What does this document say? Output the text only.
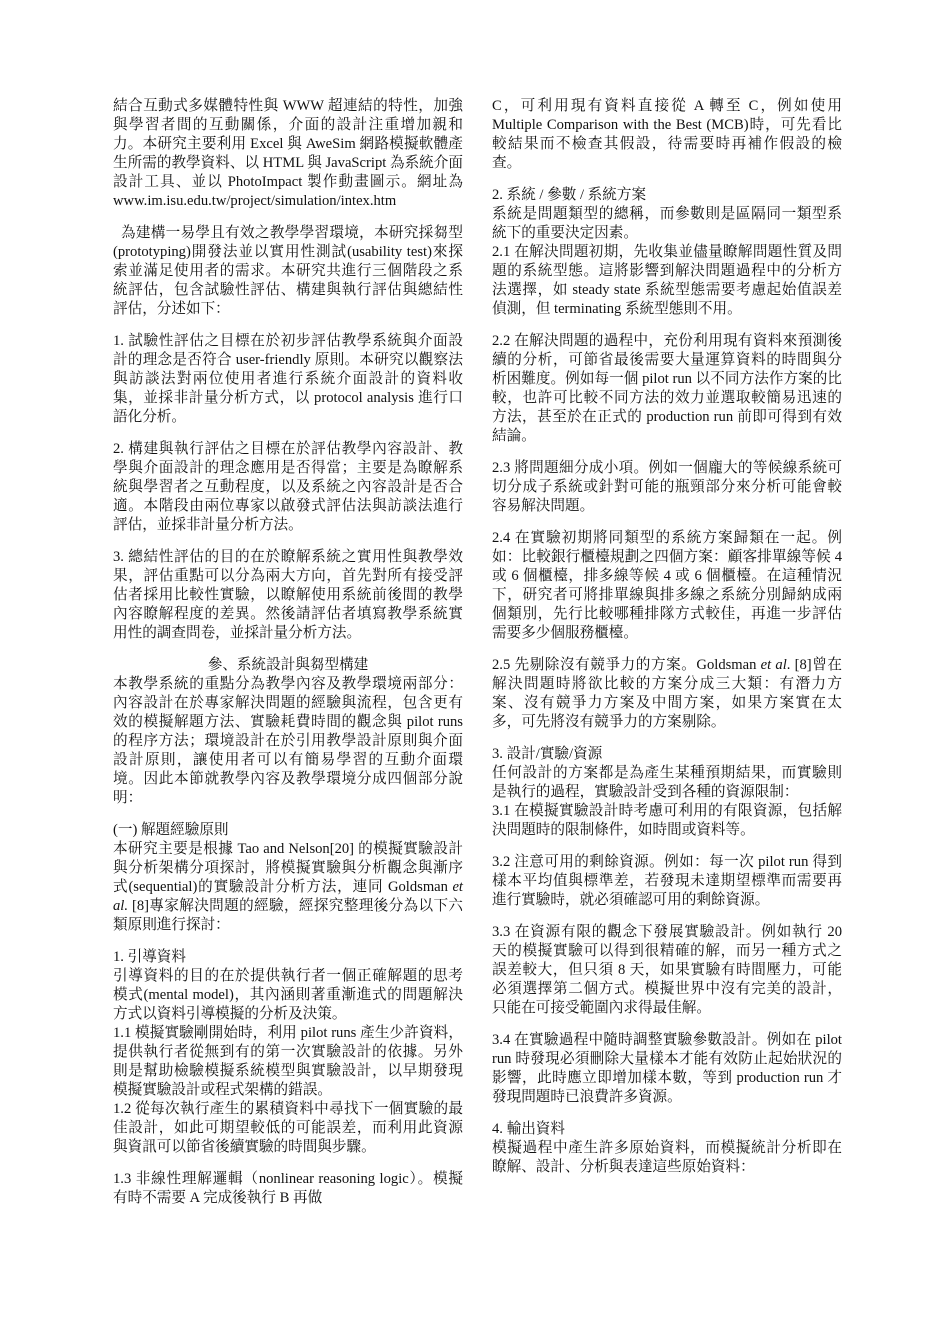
結合互動式多媒體特性與 WWW 超連結的特性，加強與學習者間的互動關係，介面的設計注重增加親和力。本研究主要利用 Excel 與 AweSim 網路模擬軟體產生所需的教學資料、以 HTML 與 JavaScript 為系統介面設計工具、並以 PhotoImpact 製作動畫圖示。網址為 www.im.isu.edu.tw/project/simulation/intex.htm

為建構一易學且有效之教學學習環境，本研究採芻型(prototyping)開發法並以實用性測試(usability test)來探索並滿足使用者的需求。本研究共進行三個階段之系統評估，包含試驗性評估、構建與執行評估與總結性評估，分述如下：

1. 試驗性評估之目標在於初步評估教學系統與介面設計的理念是否符合 user-friendly 原則。本研究以觀察法與訪談法對兩位使用者進行系統介面設計的資料收集，並採非計量分析方式，以 protocol analysis 進行口語化分析。

2. 構建與執行評估之目標在於評估教學內容設計、教學與介面設計的理念應用是否得當；主要是為瞭解系統與學習者之互動程度，以及系統之內容設計是否合適。本階段由兩位專家以啟發式評估法與訪談法進行評估，並採非計量分析方法。

3. 總結性評估的目的在於瞭解系統之實用性與教學效果，評估重點可以分為兩大方向，首先對所有接受評估者採用比較性實驗，以瞭解使用系統前後間的教學內容瞭解程度的差異。然後請評估者填寫教學系統實用性的調查問卷，並採計量分析方法。

參、系統設計與芻型構建

本教學系統的重點分為教學內容及教學環境兩部分：內容設計在於專家解決問題的經驗與流程，包含更有效的模擬解題方法、實驗耗費時間的觀念與 pilot runs 的程序方法；環境設計在於引用教學設計原則與介面設計原則，讓使用者可以有簡易學習的互動介面環境。因此本節就教學內容及教學環境分成四個部分說明：

(一) 解題經驗原則

本研究主要是根據 Tao and Nelson[20] 的模擬實驗設計與分析架構分項探討，將模擬實驗與分析觀念與漸序式(sequential)的實驗設計分析方法，連同 Goldsman et al. [8]專家解決問題的經驗，經探究整理後分為以下六類原則進行探討：

1. 引導資料

引導資料的目的在於提供執行者一個正確解題的思考模式(mental model)，其內涵則著重漸進式的問題解決方式以資料引導模擬的分析及決策。

1.1 模擬實驗剛開始時，利用 pilot runs 產生少許資料，提供執行者從無到有的第一次實驗設計的依據。另外則是幫助檢驗模擬系統模型與實驗設計，以早期發現模擬實驗設計或程式架構的錯誤。

1.2 從每次執行產生的累積資料中尋找下一個實驗的最佳設計，如此可期望較低的可能誤差，而利用此資源與資訊可以節省後續實驗的時間與步驟。

1.3 非線性理解邏輯（nonlinear reasoning logic）。模擬有時不需要 A 完成後執行 B 再做

C，可利用現有資料直接從 A 轉至 C，例如使用 Multiple Comparison with the Best (MCB)時，可先看比較結果而不檢查其假設，待需要時再補作假設的檢查。

2. 系統 / 參數 / 系統方案

系統是問題類型的總稱，而參數則是區隔同一類型系統下的重要決定因素。

2.1 在解決問題初期，先收集並儘量瞭解問題性質及問題的系統型態。這將影響到解決問題過程中的分析方法選擇，如 steady state 系統型態需要考慮起始值誤差偵測，但 terminating 系統型態則不用。

2.2 在解決問題的過程中，充份利用現有資料來預測後續的分析，可節省最後需要大量運算資料的時間與分析困難度。例如每一個 pilot run 以不同方法作方案的比較，也許可比較不同方法的效力並選取較簡易迅速的方法，甚至於在正式的 production run 前即可得到有效結論。

2.3 將問題細分成小項。例如一個龐大的等候線系統可切分成子系統或針對可能的瓶頸部分來分析可能會較容易解決問題。

2.4 在實驗初期將同類型的系統方案歸類在一起。例如：比較銀行櫃檯規劃之四個方案：顧客排單線等候 4 或 6 個櫃檯，排多線等候 4 或 6 個櫃檯。在這種情況下，研究者可將排單線與排多線之系統分別歸納成兩個類別，先行比較哪種排隊方式較佳，再進一步評估需要多少個服務櫃檯。

2.5 先剔除沒有競爭力的方案。Goldsman et al. [8]曾在解決問題時將欲比較的方案分成三大類：有潛力方案、沒有競爭力方案及中間方案，如果方案實在太多，可先將沒有競爭力的方案剔除。

3. 設計/實驗/資源

任何設計的方案都是為產生某種預期結果，而實驗則是執行的過程，實驗設計受到各種的資源限制：

3.1 在模擬實驗設計時考慮可利用的有限資源，包括解決問題時的限制條件，如時間或資料等。

3.2 注意可用的剩餘資源。例如：每一次 pilot run 得到樣本平均值與標準差，若發現未達期望標準而需要再進行實驗時，就必須確認可用的剩餘資源。

3.3 在資源有限的觀念下發展實驗設計。例如執行 20 天的模擬實驗可以得到很精確的解，而另一種方式之誤差較大，但只須 8 天，如果實驗有時間壓力，可能必須選擇第二個方式。模擬世界中沒有完美的設計，只能在可接受範圍內求得最佳解。

3.4 在實驗過程中隨時調整實驗參數設計。例如在 pilot run 時發現必須刪除大量樣本才能有效防止起始狀況的影響，此時應立即增加樣本數，等到 production run 才發現問題時已浪費許多資源。

4. 輸出資料

模擬過程中產生許多原始資料，而模擬統計分析即在瞭解、設計、分析與表達這些原始資料：
